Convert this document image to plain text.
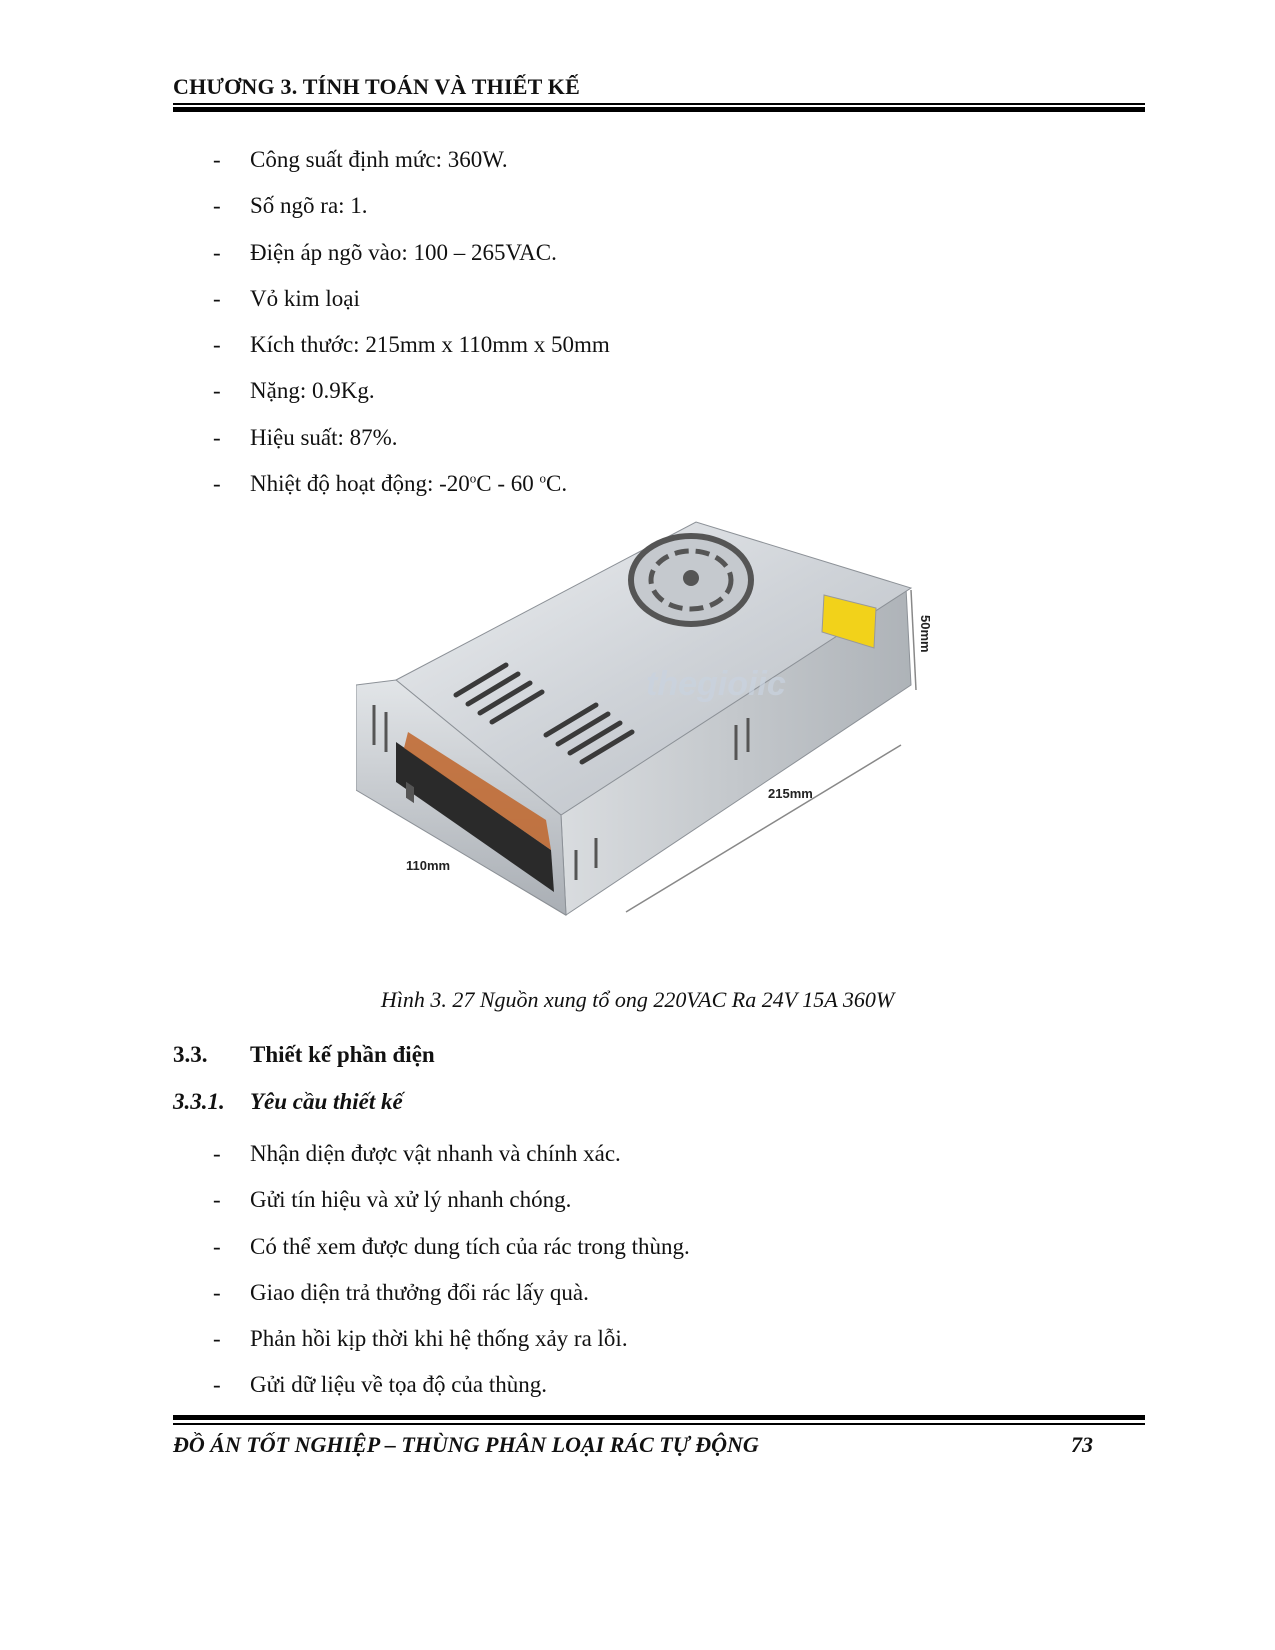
CHƯƠNG 3. TÍNH TOÁN VÀ THIẾT KẾ
- Công suất định mức: 360W.
- Số ngõ ra: 1.
- Điện áp ngõ vào: 100 – 265VAC.
- Vỏ kim loại
- Kích thước: 215mm x 110mm x 50mm
- Nặng: 0.9Kg.
- Hiệu suất: 87%.
- Nhiệt độ hoạt động: -20$^o$C - 60 $^o$C.
thegioiic
50mm
215mm
110mm
Hình 3. 27 Nguồn xung tổ ong 220VAC Ra 24V 15A 360W
3.3. Thiết kế phần điện
3.3.1. Yêu cầu thiết kế
- Nhận diện được vật nhanh và chính xác.
- Gửi tín hiệu và xử lý nhanh chóng.
- Có thể xem được dung tích của rác trong thùng.
- Giao diện trả thưởng đổi rác lấy quà.
- Phản hồi kịp thời khi hệ thống xảy ra lỗi.
- Gửi dữ liệu về tọa độ của thùng.
ĐỒ ÁN TỐT NGHIỆP – THÙNG PHÂN LOẠI RÁC TỰ ĐỘNG	73
